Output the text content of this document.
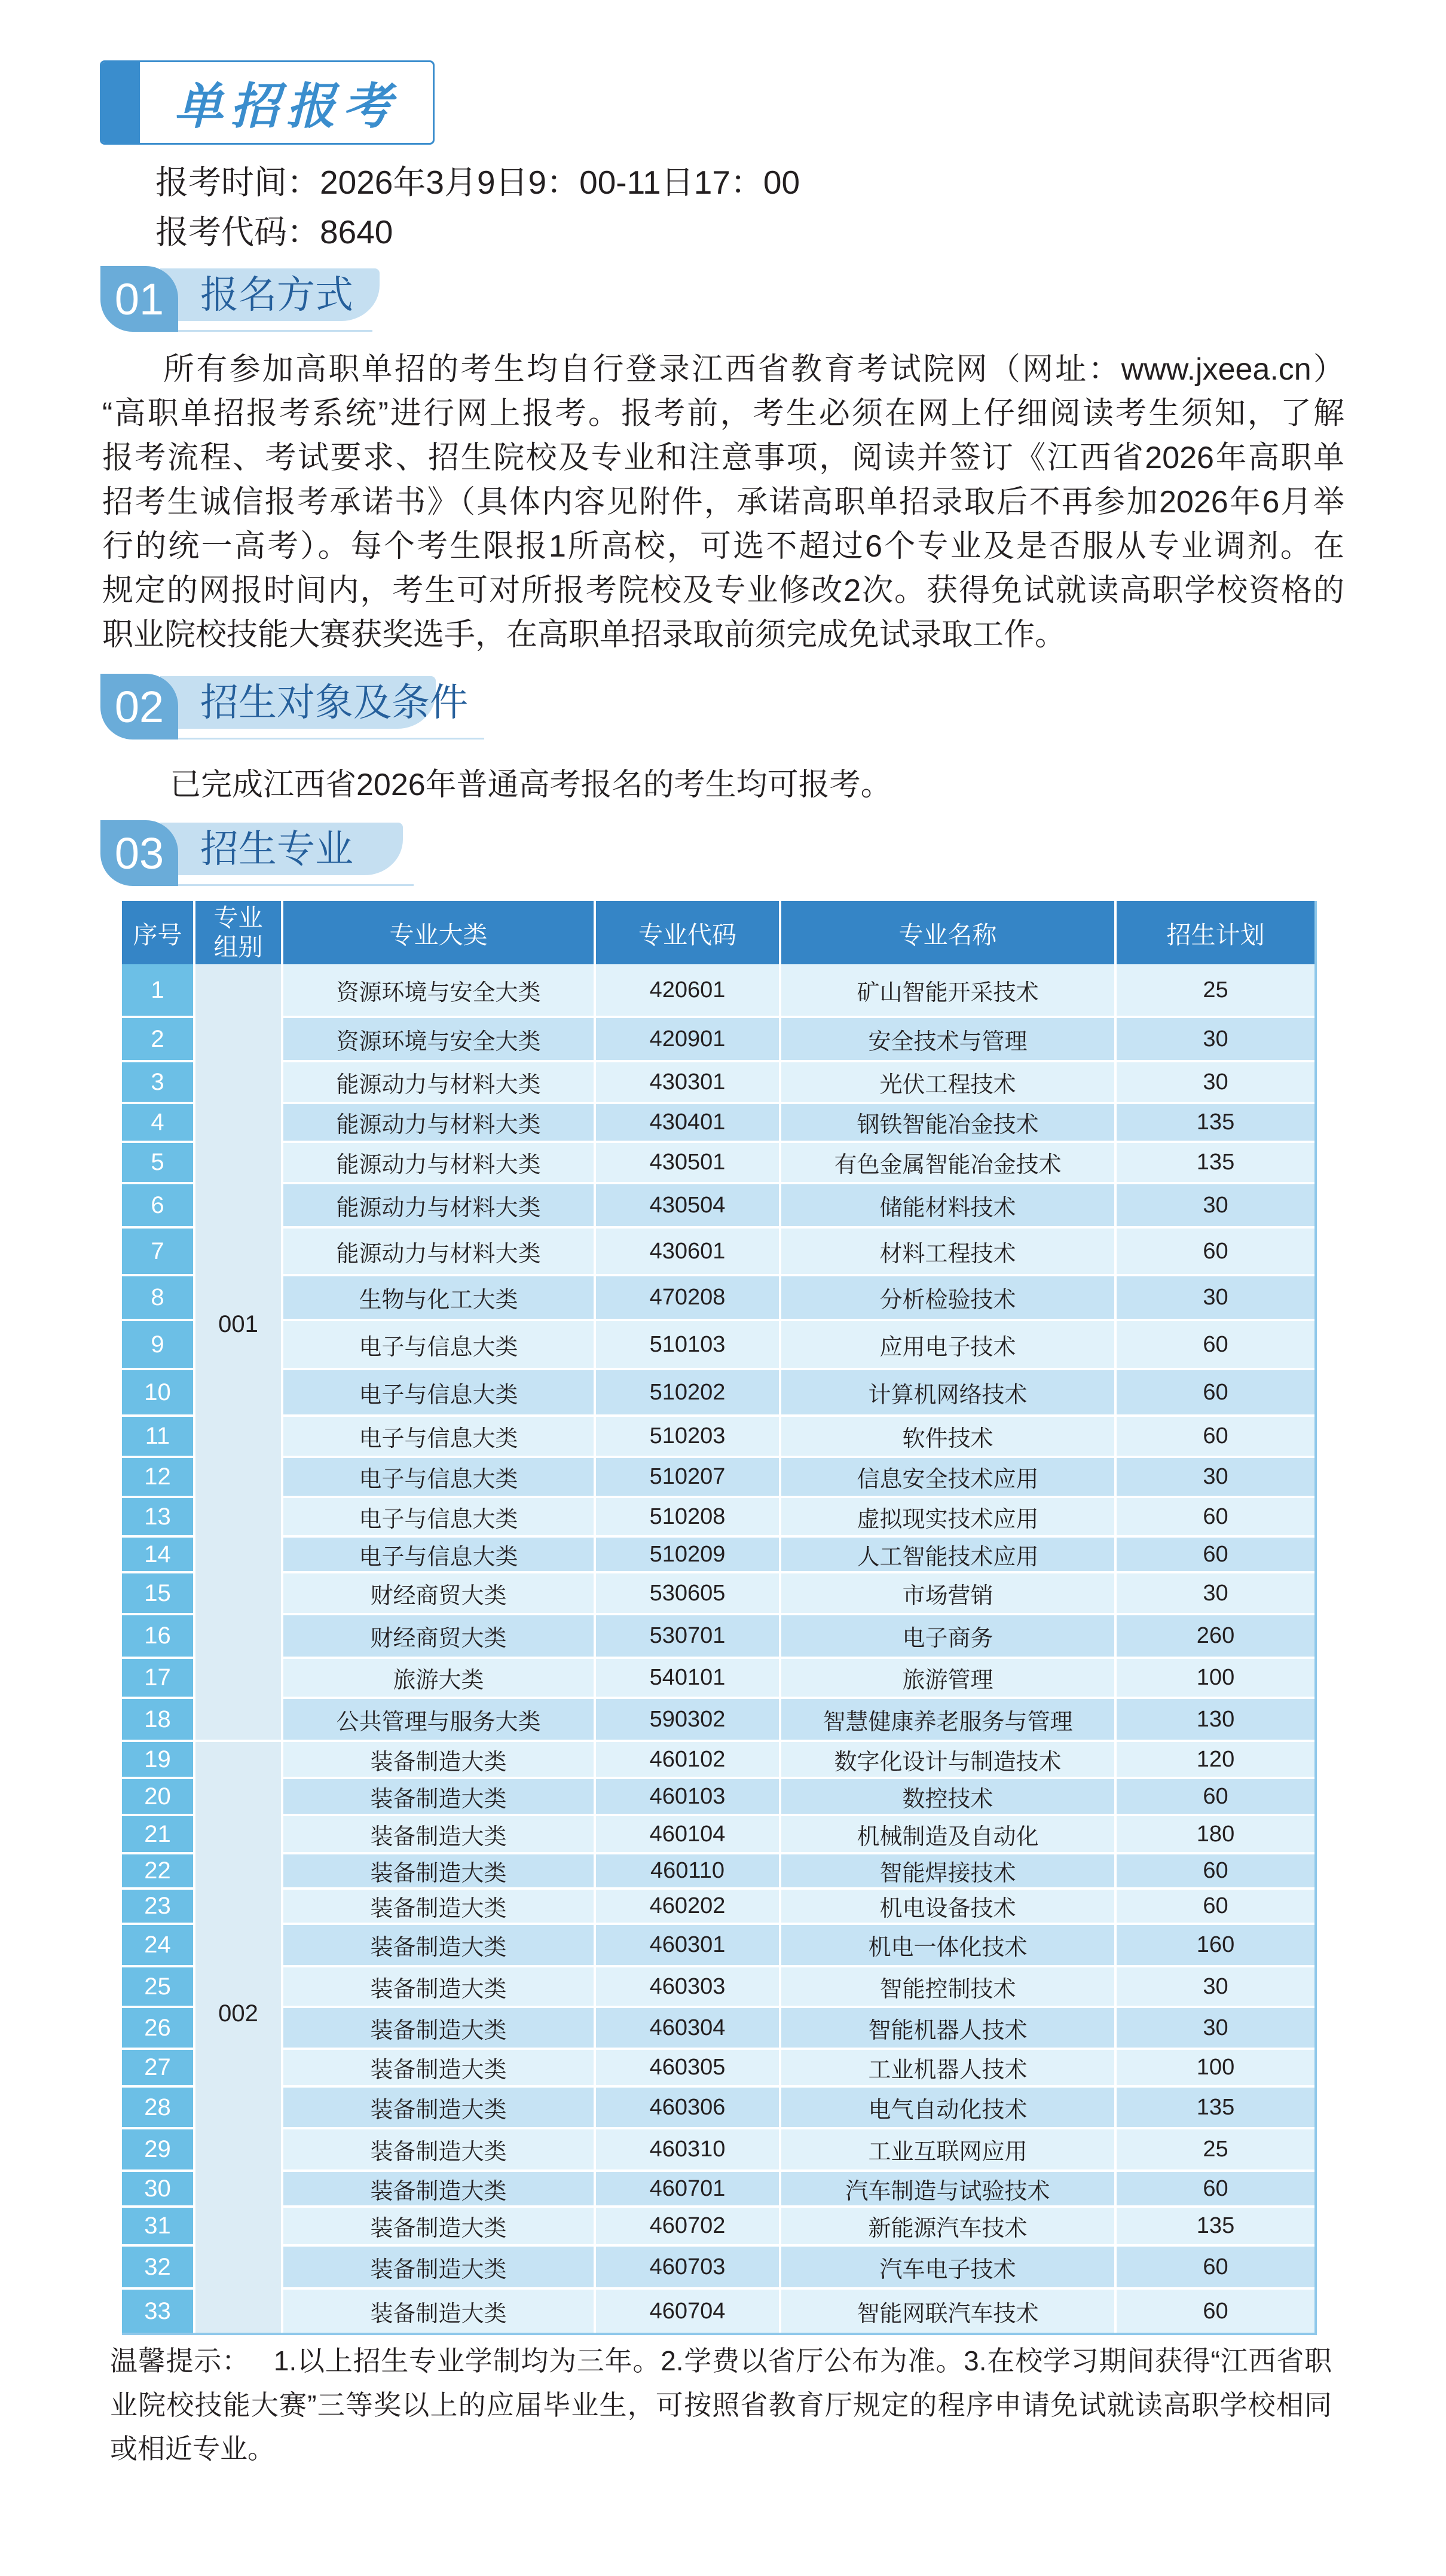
单招报考
报考时间：2026年3月9日9：00-11日17：00
报考代码：8640
01 报名方式
所有参加高职单招的考生均自行登录江西省教育考试院网（网址：www.jxeea.cn）
“高职单招报考系统”进行网上报考。报考前，考生必须在网上仔细阅读考生须知，了解
报考流程、考试要求、招生院校及专业和注意事项，阅读并签订《江西省2026年高职单
招考生诚信报考承诺书》（具体内容见附件，承诺高职单招录取后不再参加2026年6月举
行的统一高考）。每个考生限报1所高校，可选不超过6个专业及是否服从专业调剂。在
规定的网报时间内，考生可对所报考院校及专业修改2次。获得免试就读高职学校资格的
职业院校技能大赛获奖选手，在高职单招录取前须完成免试录取工作。
02 招生对象及条件
已完成江西省2026年普通高考报名的考生均可报考。
03 招生专业
序号	专业组别	专业大类	专业代码	专业名称	招生计划
1	001	资源环境与安全大类	420601	矿山智能开采技术	25
2		资源环境与安全大类	420901	安全技术与管理	30
3		能源动力与材料大类	430301	光伏工程技术	30
4		能源动力与材料大类	430401	钢铁智能冶金技术	135
5		能源动力与材料大类	430501	有色金属智能冶金技术	135
6		能源动力与材料大类	430504	储能材料技术	30
7		能源动力与材料大类	430601	材料工程技术	60
8		生物与化工大类	470208	分析检验技术	30
9		电子与信息大类	510103	应用电子技术	60
10		电子与信息大类	510202	计算机网络技术	60
11		电子与信息大类	510203	软件技术	60
12		电子与信息大类	510207	信息安全技术应用	30
13		电子与信息大类	510208	虚拟现实技术应用	60
14		电子与信息大类	510209	人工智能技术应用	60
15		财经商贸大类	530605	市场营销	30
16		财经商贸大类	530701	电子商务	260
17		旅游大类	540101	旅游管理	100
18		公共管理与服务大类	590302	智慧健康养老服务与管理	130
19	002	装备制造大类	460102	数字化设计与制造技术	120
20		装备制造大类	460103	数控技术	60
21		装备制造大类	460104	机械制造及自动化	180
22		装备制造大类	460110	智能焊接技术	60
23		装备制造大类	460202	机电设备技术	60
24		装备制造大类	460301	机电一体化技术	160
25		装备制造大类	460303	智能控制技术	30
26		装备制造大类	460304	智能机器人技术	30
27		装备制造大类	460305	工业机器人技术	100
28		装备制造大类	460306	电气自动化技术	135
29		装备制造大类	460310	工业互联网应用	25
30		装备制造大类	460701	汽车制造与试验技术	60
31		装备制造大类	460702	新能源汽车技术	135
32		装备制造大类	460703	汽车电子技术	60
33		装备制造大类	460704	智能网联汽车技术	60
温馨提示： 1.以上招生专业学制均为三年。2.学费以省厅公布为准。3.在校学习期间获得“江西省职
业院校技能大赛”三等奖以上的应届毕业生，可按照省教育厅规定的程序申请免试就读高职学校相同
或相近专业。
